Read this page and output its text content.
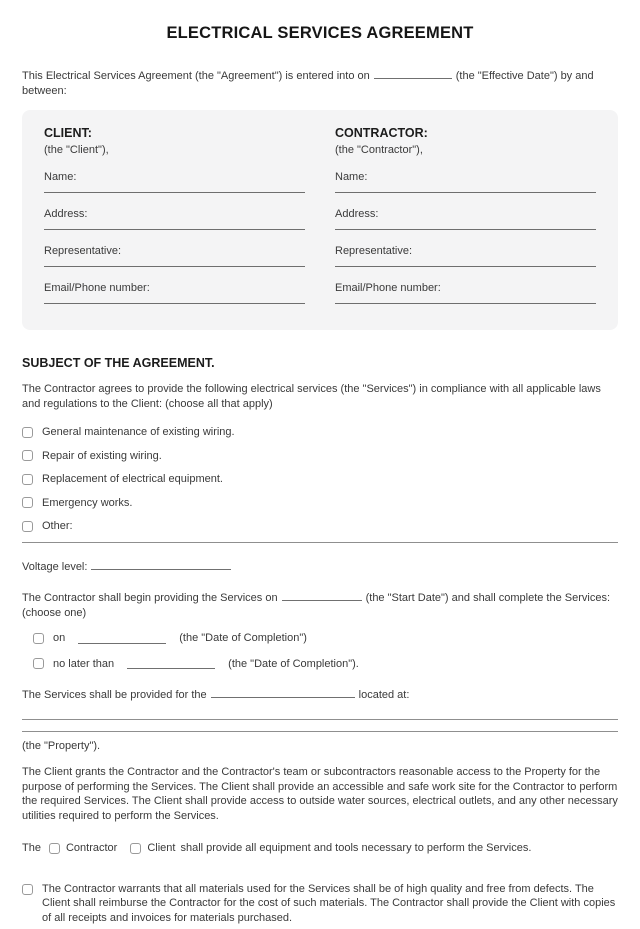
ELECTRICAL SERVICES AGREEMENT

This Electrical Services Agreement (the "Agreement") is entered into on	(the "Effective Date") by and between:

CLIENT:
(the "Client"),
Name:
Address:
Representative:
Email/Phone number:
CONTRACTOR:
(the "Contractor"),
Name:
Address:
Representative:
Email/Phone number:
SUBJECT OF THE AGREEMENT.

The Contractor agrees to provide the following electrical services (the "Services") in compliance with all applicable laws and regulations to the Client: (choose all that apply)

General maintenance of existing wiring.
Repair of existing wiring.
Replacement of electrical equipment.
Emergency works.
Other:

Voltage level:

The Contractor shall begin providing the Services on	(the "Start Date") and shall complete the Services:
(choose one)

on	(the "Date of Completion")
no later than	(the "Date of Completion").

The Services shall be provided for the	located at:

(the "Property").

The Client grants the Contractor and the Contractor's team or subcontractors reasonable access to the Property for the purpose of performing the Services. The Client shall provide an accessible and safe work site for the Contractor to perform the required Services. The Client shall provide access to outside water sources, electrical outlets, and any other necessary utilities required to perform the Services.

The Contractor	Client shall provide all equipment and tools necessary to perform the Services.

The Contractor warrants that all materials used for the Services shall be of high quality and free from defects. The Client shall reimburse the Contractor for the cost of such materials. The Contractor shall provide the Client with copies of all receipts and invoices for materials purchased.
